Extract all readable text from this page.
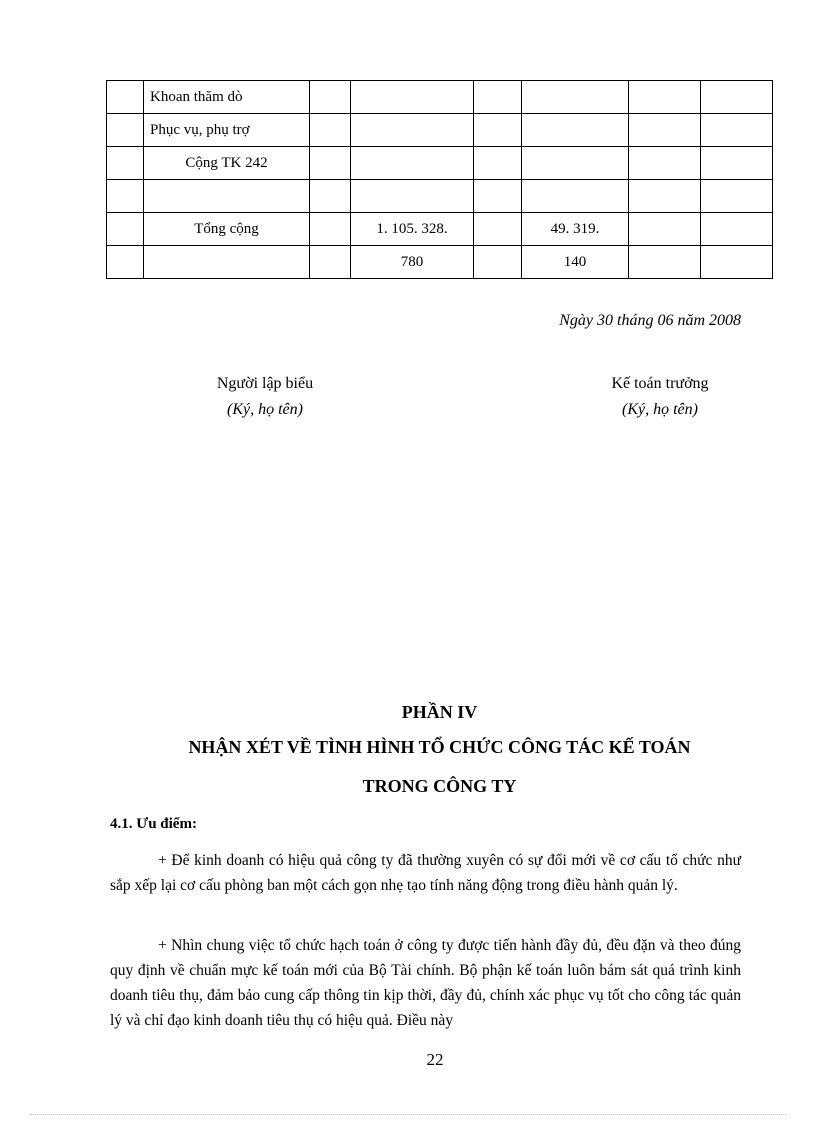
	Khoan thăm dò						
	Phục vụ, phụ trợ						
	Cộng TK 242						

	Tổng cộng		1. 105. 328.		49. 319.		
			780		140		
Ngày 30 tháng 06 năm 2008
Người lập biểu
(Ký, họ tên)
Kế toán trưởng
(Ký, họ tên)
PHẦN IV
NHẬN XÉT VỀ TÌNH HÌNH TỔ CHỨC CÔNG TÁC KẾ TOÁN
TRONG CÔNG TY
4.1. Ưu điểm:

+ Để kinh doanh có hiệu quả công ty đã thường xuyên có sự đổi mới về cơ cấu tổ chức như sắp xếp lại cơ cấu phòng ban một cách gọn nhẹ tạo tính năng động trong điều hành quản lý.

+ Nhìn chung việc tổ chức hạch toán ở công ty được tiến hành đầy đủ, đều đặn và theo đúng quy định về chuẩn mực kế toán mới của Bộ Tài chính. Bộ phận kế toán luôn bám sát quá trình kinh doanh tiêu thụ, đảm bảo cung cấp thông tin kịp thời, đầy đủ, chính xác phục vụ tốt cho công tác quản lý và chỉ đạo kinh doanh tiêu thụ có hiệu quả. Điều này

22
